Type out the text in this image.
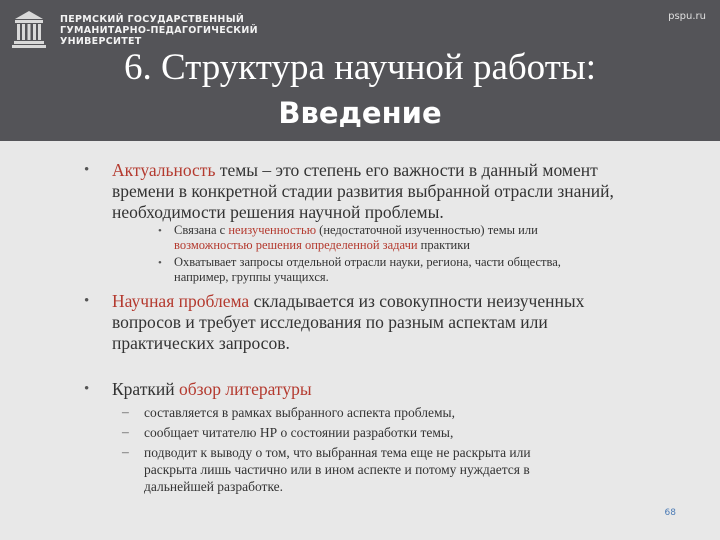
ПЕРМСКИЙ ГОСУДАРСТВЕННЫЙ
ГУМАНИТАРНО-ПЕДАГОГИЧЕСКИЙ
УНИВЕРСИТЕТ
pspu.ru
6. Структура научной работы:
Введение
• Актуальность темы – это степень его важности в данный момент
времени в конкретной стадии развития выбранной отрасли знаний,
необходимости решения научной проблемы.
• Связана с неизученностью (недостаточной изученностью) темы или
возможностью решения определенной задачи практики
• Охватывает запросы отдельной отрасли науки, региона, части общества,
например, группы учащихся.
• Научная проблема складывается из совокупности неизученных
вопросов и требует исследования по разным аспектам или
практических запросов.
• Краткий обзор литературы
– составляется в рамках выбранного аспекта проблемы,
– сообщает читателю НР о состоянии разработки темы,
– подводит к выводу о том, что выбранная тема еще не раскрыта или
раскрыта лишь частично или в ином аспекте и потому нуждается в
дальнейшей разработке.
68
